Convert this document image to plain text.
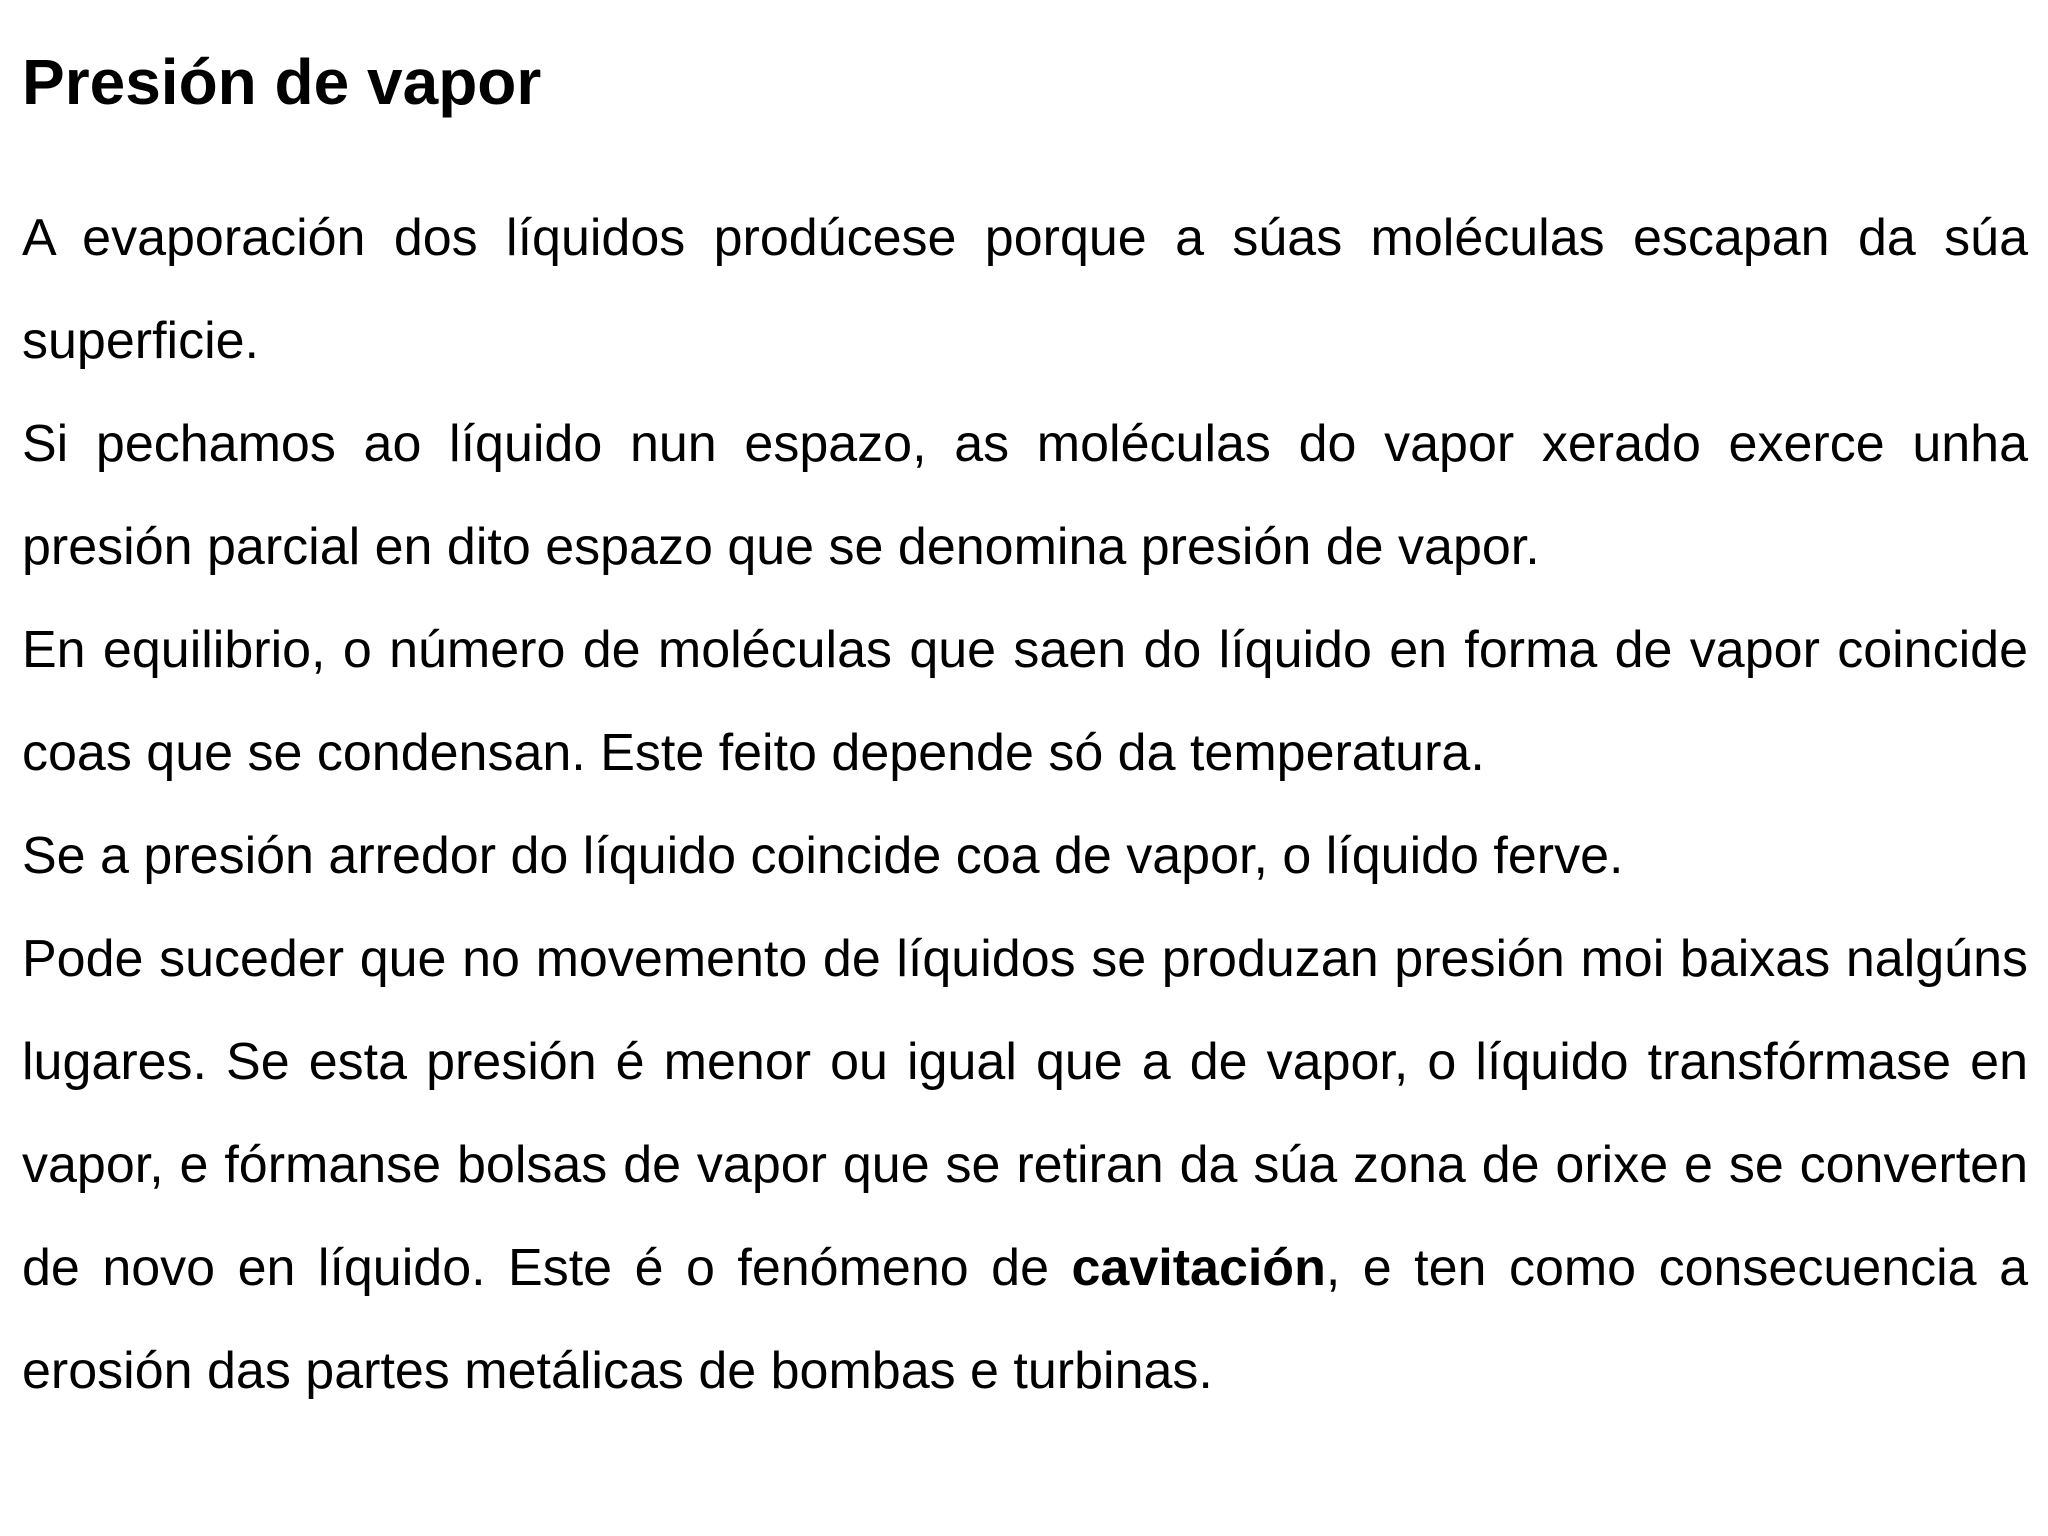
Presión de vapor

A evaporación dos líquidos prodúcese porque a súas moléculas escapan da súa superficie.

Si pechamos ao líquido nun espazo, as moléculas do vapor xerado exerce unha presión parcial en dito espazo que se denomina presión de vapor.

En equilibrio, o número de moléculas que saen do líquido en forma de vapor coincide coas que se condensan. Este feito depende só da temperatura.

Se a presión arredor do líquido coincide coa de vapor, o líquido ferve.

Pode suceder que no movemento de líquidos se produzan presión moi baixas nalgúns lugares. Se esta presión é menor ou igual que a de vapor, o líquido transfórmase en vapor, e fórmanse bolsas de vapor que se retiran da súa zona de orixe e se converten de novo en líquido. Este é o fenómeno de cavitación, e ten como consecuencia a erosión das partes metálicas de bombas e turbinas.
